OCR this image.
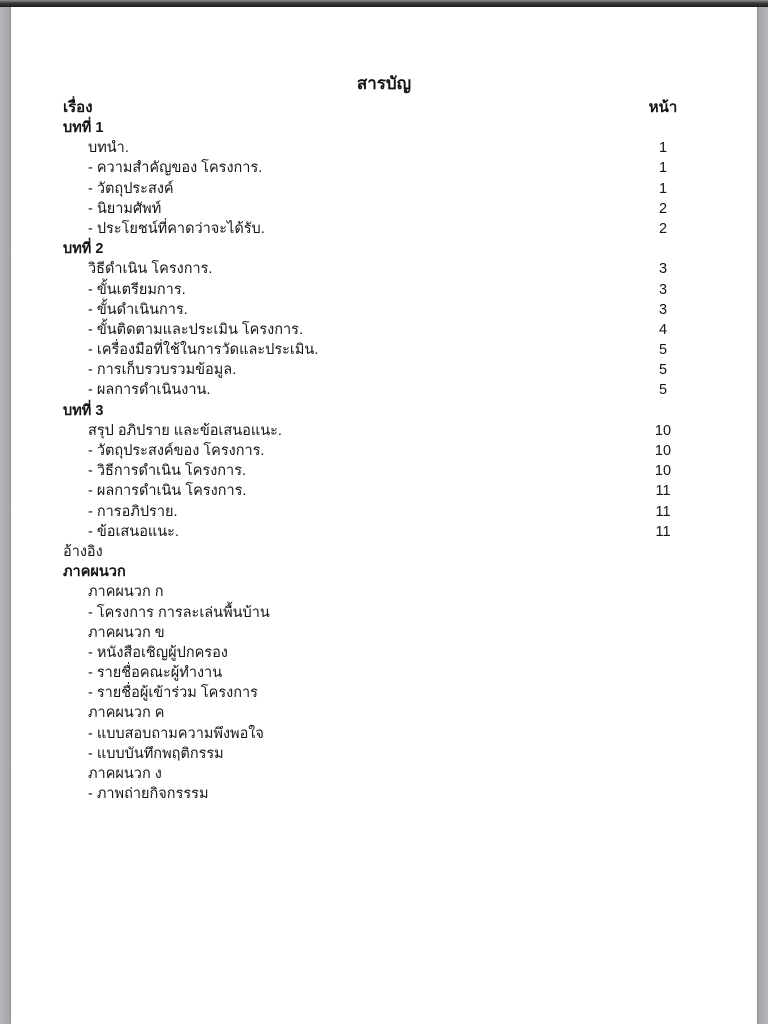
สารบัญ
เรื่อง	หน้า
บทที่ 1
บทนำ.	1
- ความสำคัญของ โครงการ.	1
- วัตถุประสงค์	1
- นิยามศัพท์	2
- ประโยชน์ที่คาดว่าจะได้รับ.	2
บทที่ 2
วิธีดำเนิน โครงการ.	3
- ขั้นเตรียมการ.	3
- ขั้นดำเนินการ.	3
- ขั้นติดตามและประเมิน โครงการ.	4
- เครื่องมือที่ใช้ในการวัดและประเมิน.	5
- การเก็บรวบรวมข้อมูล.	5
- ผลการดำเนินงาน.	5
บทที่ 3
สรุป อภิปราย และข้อเสนอแนะ.	10
- วัตถุประสงค์ของ โครงการ.	10
- วิธีการดำเนิน โครงการ.	10
- ผลการดำเนิน โครงการ.	11
- การอภิปราย.	11
- ข้อเสนอแนะ.	11
อ้างอิง
ภาคผนวก
ภาคผนวก ก
- โครงการ การละเล่นพื้นบ้าน
ภาคผนวก ข
- หนังสือเชิญผู้ปกครอง
- รายชื่อคณะผู้ทำงาน
- รายชื่อผู้เข้าร่วม โครงการ
ภาคผนวก ค
- แบบสอบถามความพึงพอใจ
- แบบบันทึกพฤติกรรม
ภาคผนวก ง
- ภาพถ่ายกิจกรรรม
